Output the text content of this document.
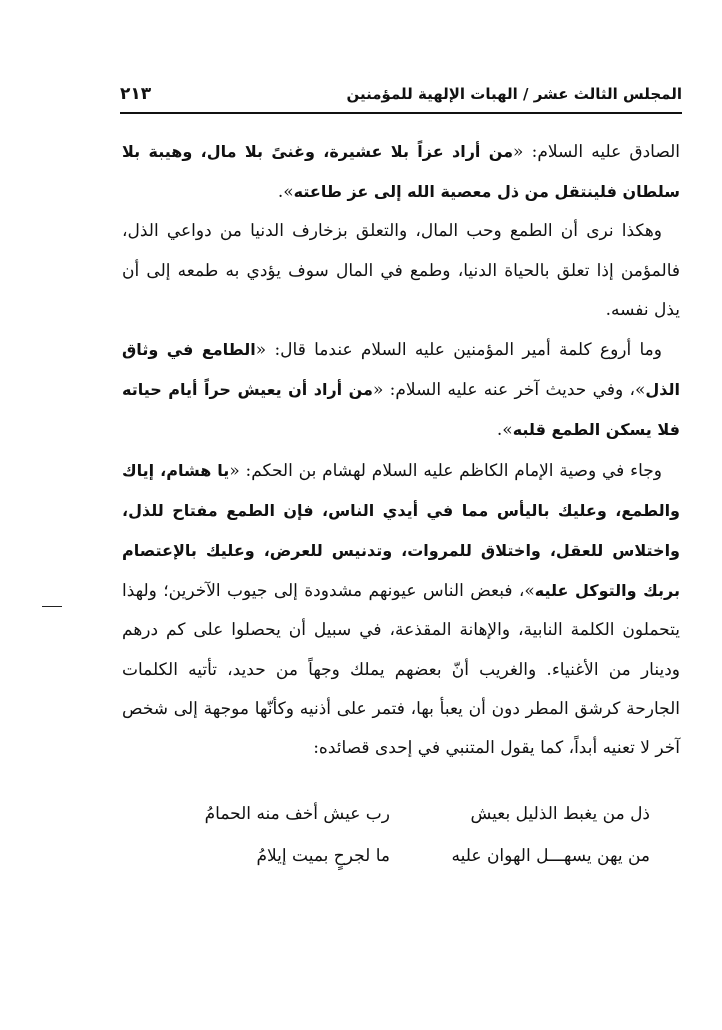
المجلس الثالث عشر / الهبات الإلهية للمؤمنين
٢١٣

الصادق عليه السلام: «من أراد عزاً بلا عشيرة، وغنىً بلا مال، وهيبة بلا سلطان فلينتقل من ذل معصية الله إلى عز طاعته».

وهكذا نرى أن الطمع وحب المال، والتعلق بزخارف الدنيا من دواعي الذل، فالمؤمن إذا تعلق بالحياة الدنيا، وطمع في المال سوف يؤدي به طمعه إلى أن يذل نفسه.

وما أروع كلمة أمير المؤمنين عليه السلام عندما قال: «الطامع في وثاق الذل»، وفي حديث آخر عنه عليه السلام: «من أراد أن يعيش حراً أيام حياته فلا يسكن الطمع قلبه».

وجاء في وصية الإمام الكاظم عليه السلام لهشام بن الحكم: «يا هشام، إياك والطمع، وعليك باليأس مما في أيدي الناس، فإن الطمع مفتاح للذل، واختلاس للعقل، واختلاق للمروات، وتدنيس للعرض، وعليك بالإعتصام بربك والتوكل عليه»، فبعض الناس عيونهم مشدودة إلى جيوب الآخرين؛ ولهذا يتحملون الكلمة النابية، والإهانة المقذعة، في سبيل أن يحصلوا على كم درهم ودينار من الأغنياء. والغريب أنّ بعضهم يملك وجهاً من حديد، تأتيه الكلمات الجارحة كرشق المطر دون أن يعبأ بها، فتمر على أذنيه وكأنّها موجهة إلى شخص آخر لا تعنيه أبداً، كما يقول المتنبي في إحدى قصائده:

ذل من يغبط الذليل بعيش
رب عيش أخف منه الحمامُ
من يهن يسهـــل الهوان عليه
ما لجرحٍ بميت إيلامُ
